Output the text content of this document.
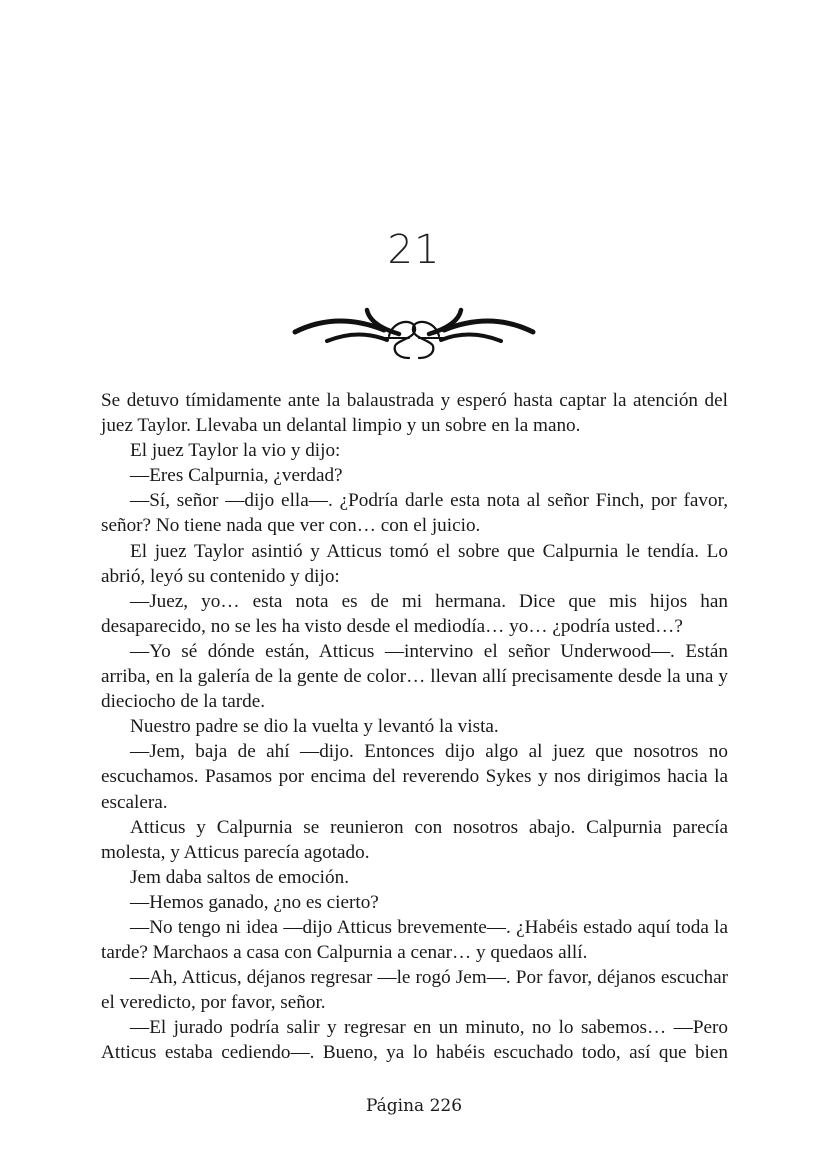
21

Se detuvo tímidamente ante la balaustrada y esperó hasta captar la atención del juez Taylor. Llevaba un delantal limpio y un sobre en la mano.

El juez Taylor la vio y dijo:

—Eres Calpurnia, ¿verdad?

—Sí, señor —dijo ella—. ¿Podría darle esta nota al señor Finch, por favor, señor? No tiene nada que ver con… con el juicio.

El juez Taylor asintió y Atticus tomó el sobre que Calpurnia le tendía. Lo abrió, leyó su contenido y dijo:

—Juez, yo… esta nota es de mi hermana. Dice que mis hijos han desaparecido, no se les ha visto desde el mediodía… yo… ¿podría usted…?

—Yo sé dónde están, Atticus —intervino el señor Underwood—. Están arriba, en la galería de la gente de color… llevan allí precisamente desde la una y dieciocho de la tarde.

Nuestro padre se dio la vuelta y levantó la vista.

—Jem, baja de ahí —dijo. Entonces dijo algo al juez que nosotros no escuchamos. Pasamos por encima del reverendo Sykes y nos dirigimos hacia la escalera.

Atticus y Calpurnia se reunieron con nosotros abajo. Calpurnia parecía molesta, y Atticus parecía agotado.

Jem daba saltos de emoción.

—Hemos ganado, ¿no es cierto?

—No tengo ni idea —dijo Atticus brevemente—. ¿Habéis estado aquí toda la tarde? Marchaos a casa con Calpurnia a cenar… y quedaos allí.

—Ah, Atticus, déjanos regresar —le rogó Jem—. Por favor, déjanos escuchar el veredicto, por favor, señor.

—El jurado podría salir y regresar en un minuto, no lo sabemos… —Pero Atticus estaba cediendo—. Bueno, ya lo habéis escuchado todo, así que bien

Página 226
